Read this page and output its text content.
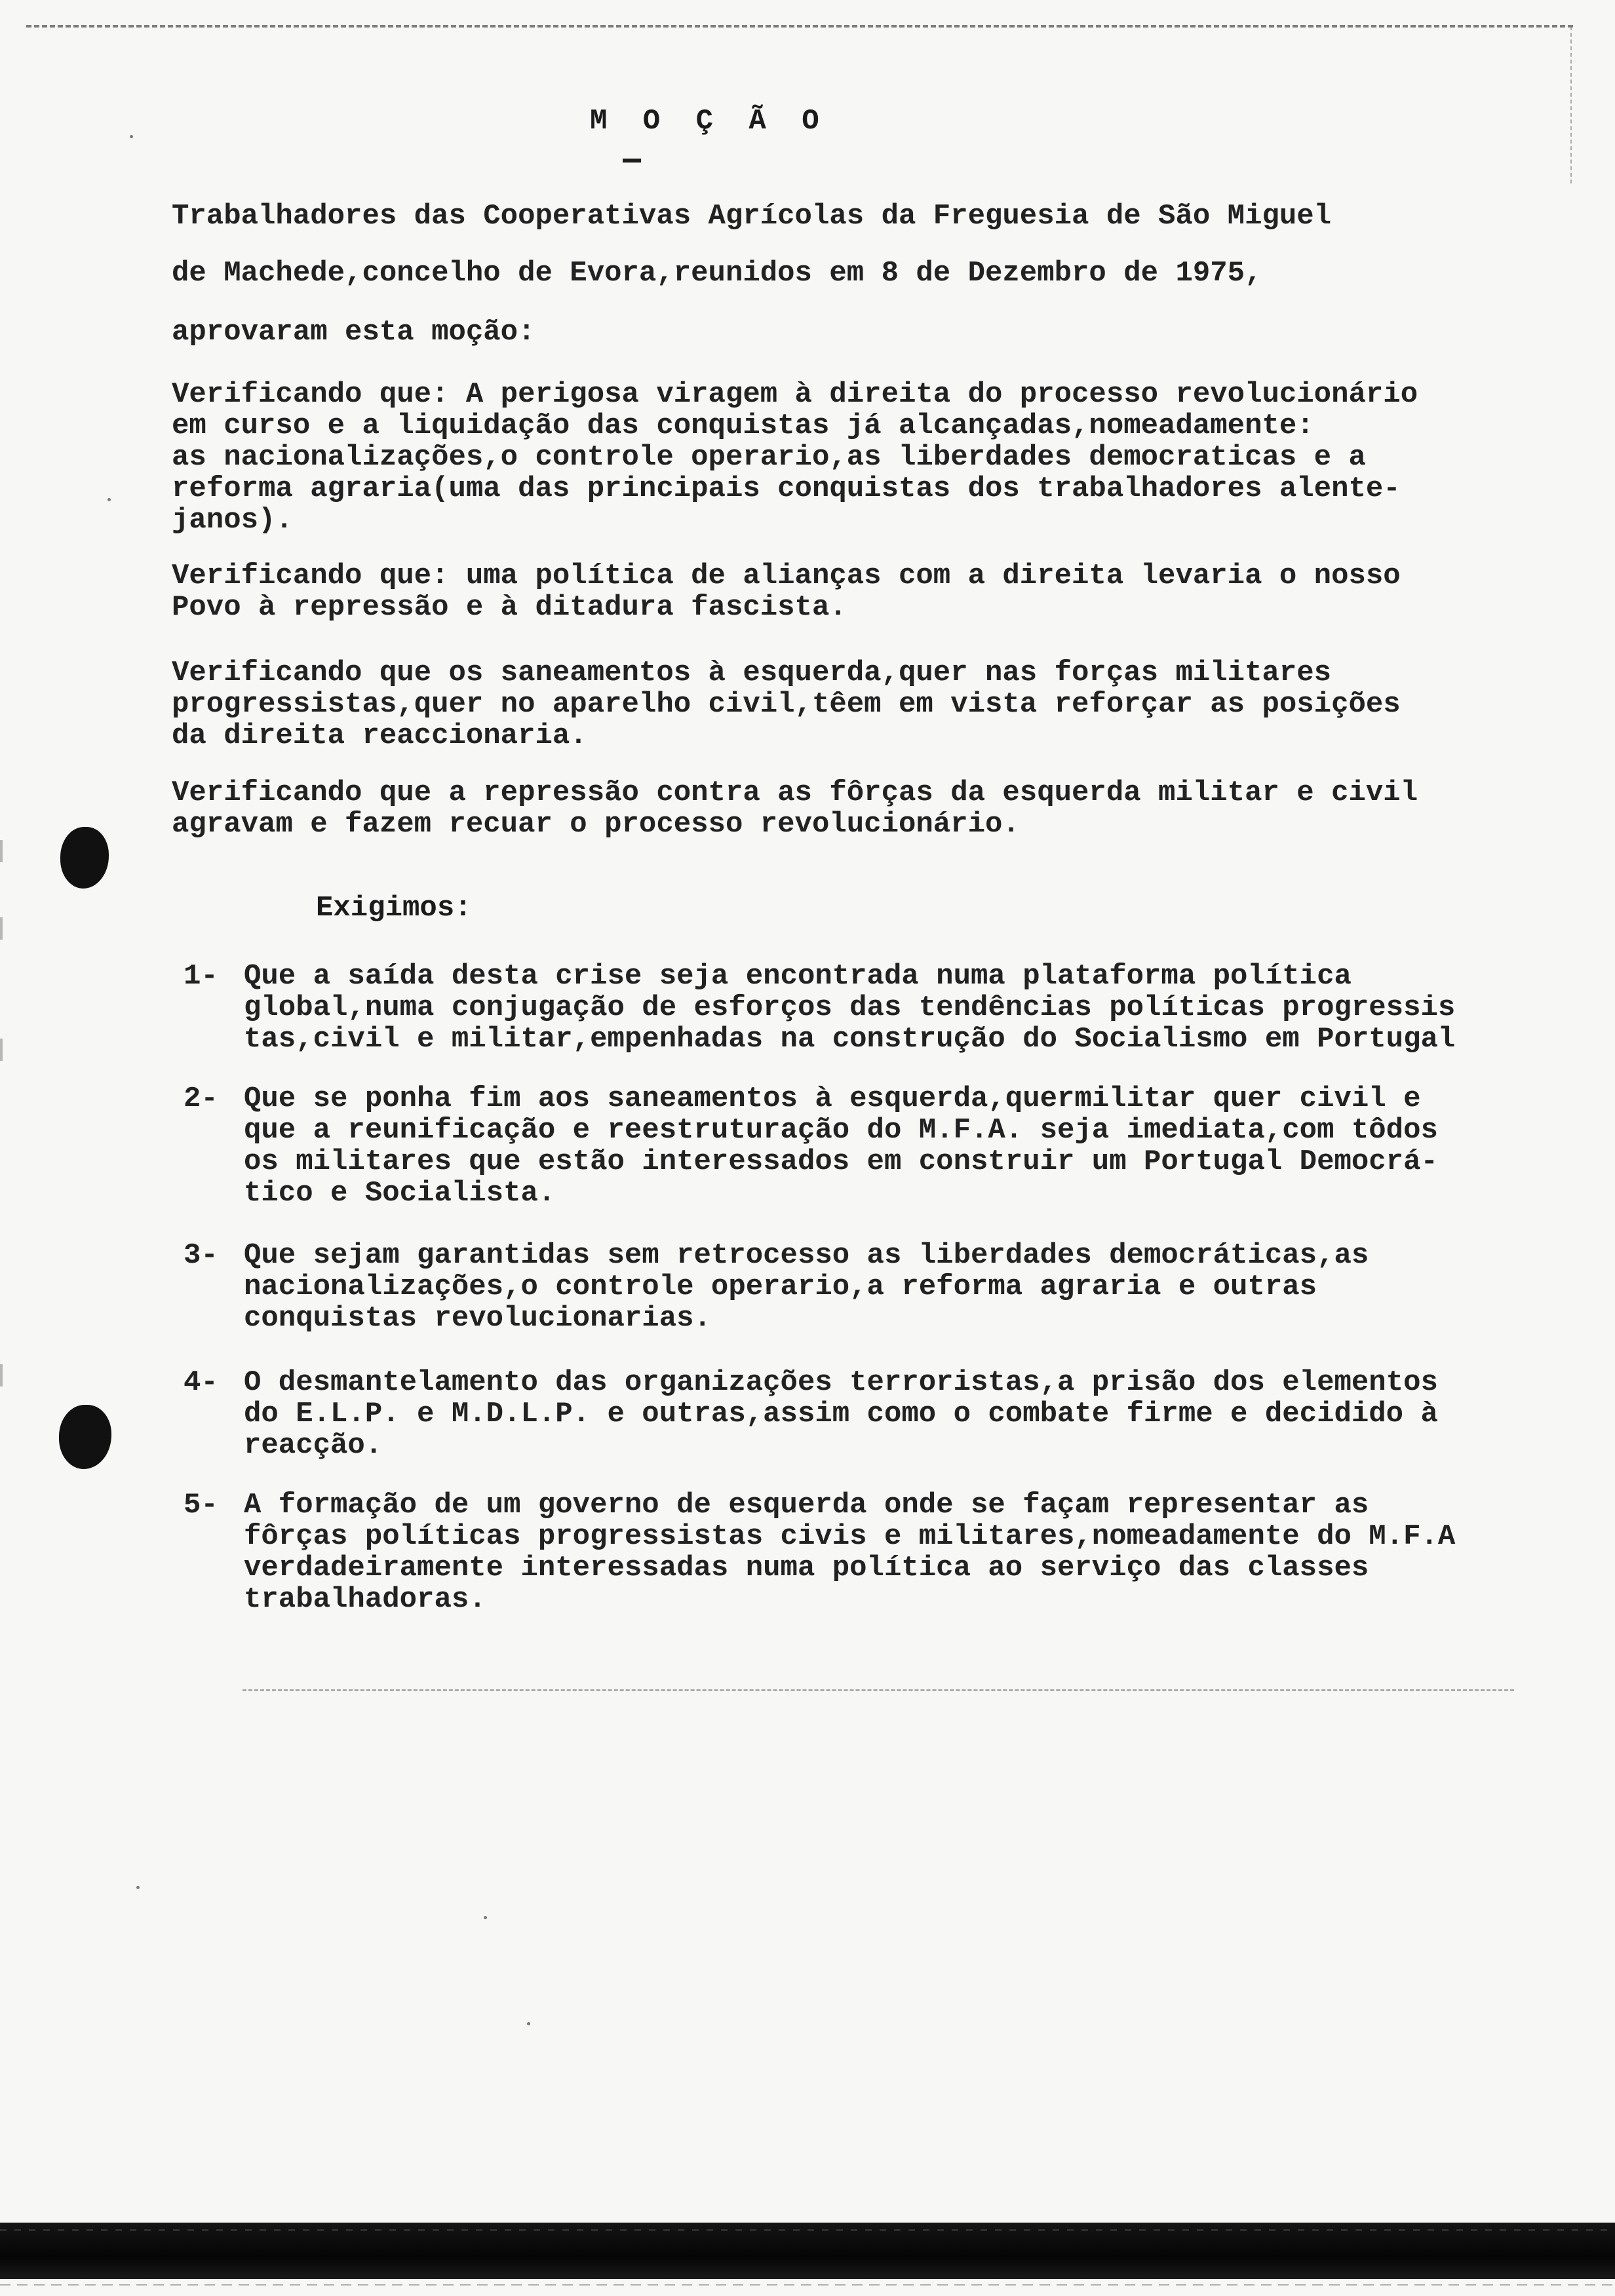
M O Ç Ã O
Trabalhadores das Cooperativas Agrícolas da Freguesia de São Miguel
de Machede,concelho de Evora,reunidos em 8 de Dezembro de 1975,
aprovaram esta moção:
Verificando que: A perigosa viragem à direita do processo revolucionário
em curso e a liquidação das conquistas já alcançadas,nomeadamente:
as nacionalizações,o controle operario,as liberdades democraticas e a
reforma agraria(uma das principais conquistas dos trabalhadores alente-
janos).
Verificando que: uma política de alianças com a direita levaria o nosso
Povo à repressão e à ditadura fascista.
Verificando que os saneamentos à esquerda,quer nas forças militares
progressistas,quer no aparelho civil,têem em vista reforçar as posições
da direita reaccionaria.
Verificando que a repressão contra as fôrças da esquerda militar e civil
agravam e fazem recuar o processo revolucionário.
Exigimos:
1- Que a saída desta crise seja encontrada numa plataforma política
global,numa conjugação de esforços das tendências políticas progressis
tas,civil e militar,empenhadas na construção do Socialismo em Portugal
2- Que se ponha fim aos saneamentos à esquerda,quermilitar quer civil e
que a reunificação e reestruturação do M.F.A. seja imediata,com tôdos
os militares que estão interessados em construir um Portugal Democrá-
tico e Socialista.
3- Que sejam garantidas sem retrocesso as liberdades democráticas,as
nacionalizações,o controle operario,a reforma agraria e outras
conquistas revolucionarias.
4- O desmantelamento das organizações terroristas,a prisão dos elementos
do E.L.P. e M.D.L.P. e outras,assim como o combate firme e decidido à
reacção.
5- A formação de um governo de esquerda onde se façam representar as
fôrças políticas progressistas civis e militares,nomeadamente do M.F.A
verdadeiramente interessadas numa política ao serviço das classes
trabalhadoras.
